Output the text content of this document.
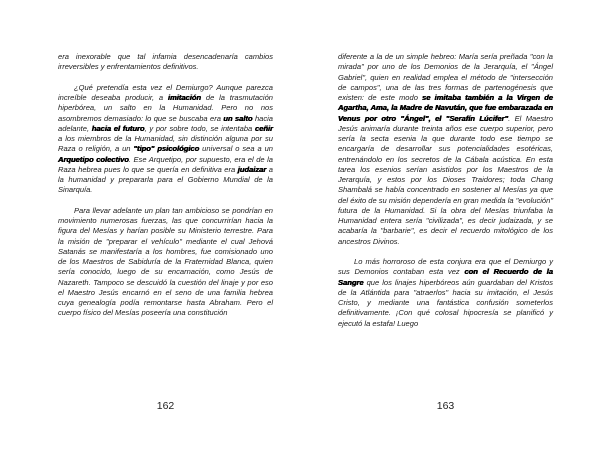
era inexorable que tal infamia desencadenaría cambios irreversibles y enfrentamientos definitivos.

¿Qué pretendía esta vez el Demiurgo? Aunque parezca increíble deseaba producir, a imitación de la trasmutación hiperbórea, un salto en la Humanidad. Pero no nos asombremos demasiado: lo que se buscaba era un salto hacia adelante, hacia el futuro, y por sobre todo, se intentaba ceñir a los miembros de la Humanidad, sin distinción alguna por su Raza o religión, a un "tipo" psicológico universal o sea a un Arquetipo colectivo. Ese Arquetipo, por supuesto, era el de la Raza hebrea pues lo que se quería en definitiva era judaizar a la humanidad y prepararla para el Gobierno Mundial de la Sinarquía.

Para llevar adelante un plan tan ambicioso se pondrían en movimiento numerosas fuerzas, las que concurrirían hacia la figura del Mesías y harían posible su Ministerio terrestre. Para la misión de "preparar el vehículo" mediante el cual Jehová Satanás se manifestaría a los hombres, fue comisionado uno de los Maestros de Sabiduría de la Fraternidad Blanca, quien sería conocido, luego de su encarnación, como Jesús de Nazareth. Tampoco se descuidó la cuestión del linaje y por eso el Maestro Jesús encarnó en el seno de una familia hebrea cuya genealogía podía remontarse hasta Abraham. Pero el cuerpo físico del Mesías poseería una constitución

162

diferente a la de un simple hebreo: María sería preñada "con la mirada" por uno de los Demonios de la Jerarquía, el "Ángel Gabriel", quien en realidad emplea el método de "intersección de campos", una de las tres formas de partenogénesis que existen: de este modo se imitaba también a la Virgen de Agartha, Ama, la Madre de Navután, que fue embarazada en Venus por otro "Ángel", el "Serafín Lúcifer". El Maestro Jesús animaría durante treinta años ese cuerpo superior, pero sería la secta esenia la que durante todo ese tiempo se encargaría de desarrollar sus potencialidades esotéricas, entrenándolo en los secretos de la Cábala acústica. En esta tarea los esenios serían asistidos por los Maestros de la Jerarquía, y estos por los Dioses Traidores; toda Chang Shambalá se había concentrado en sostener al Mesías ya que del éxito de su misión dependería en gran medida la "evolución" futura de la Humanidad. Si la obra del Mesías triunfaba la Humanidad entera sería "civilizada", es decir judaizada, y se acabaría la "barbarie", es decir el recuerdo mitológico de los ancestros Divinos.

Lo más horroroso de esta conjura era que el Demiurgo y sus Demonios contaban esta vez con el Recuerdo de la Sangre que los linajes hiperbóreos aún guardaban del Kristos de la Atlántida para "atraerlos" hacia su imitación, el Jesús Cristo, y mediante una fantástica confusión someterlos definitivamente. ¡Con qué colosal hipocresía se planificó y ejecutó la estafa! Luego

163
